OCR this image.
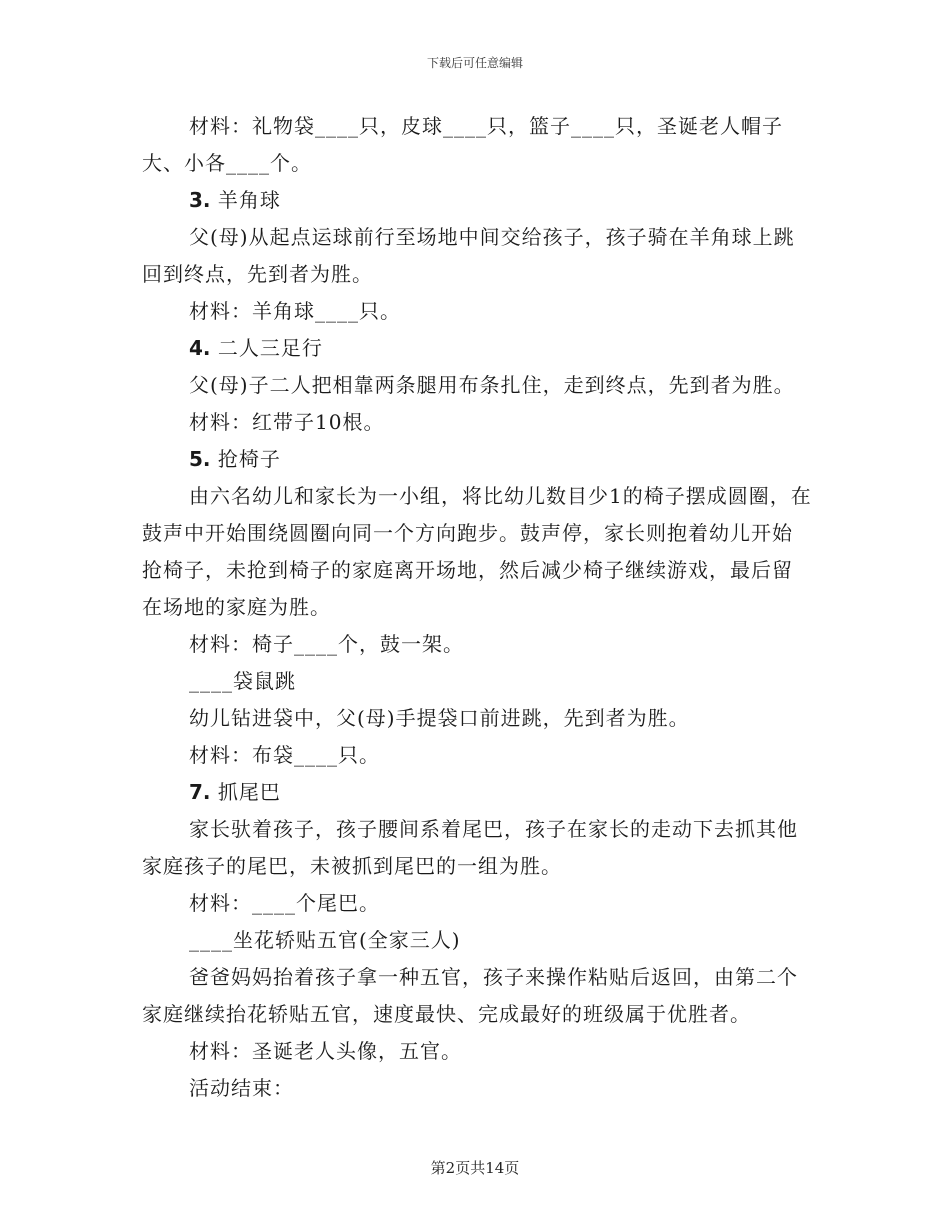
下载后可任意编辑

材料：礼物袋____只，皮球____只，篮子____只，圣诞老人帽子大、小各____个。

3. 羊角球

父(母)从起点运球前行至场地中间交给孩子，孩子骑在羊角球上跳回到终点，先到者为胜。

材料：羊角球____只。

4. 二人三足行

父(母)子二人把相靠两条腿用布条扎住，走到终点，先到者为胜。

材料：红带子10根。

5. 抢椅子

由六名幼儿和家长为一小组，将比幼儿数目少1的椅子摆成圆圈，在鼓声中开始围绕圆圈向同一个方向跑步。鼓声停，家长则抱着幼儿开始抢椅子，未抢到椅子的家庭离开场地，然后减少椅子继续游戏，最后留在场地的家庭为胜。

材料：椅子____个，鼓一架。

____袋鼠跳

幼儿钻进袋中，父(母)手提袋口前进跳，先到者为胜。

材料：布袋____只。

7. 抓尾巴

家长驮着孩子，孩子腰间系着尾巴，孩子在家长的走动下去抓其他家庭孩子的尾巴，未被抓到尾巴的一组为胜。

材料：____个尾巴。

____坐花轿贴五官(全家三人)

爸爸妈妈抬着孩子拿一种五官，孩子来操作粘贴后返回，由第二个家庭继续抬花轿贴五官，速度最快、完成最好的班级属于优胜者。

材料：圣诞老人头像，五官。

活动结束：

第2页共14页
